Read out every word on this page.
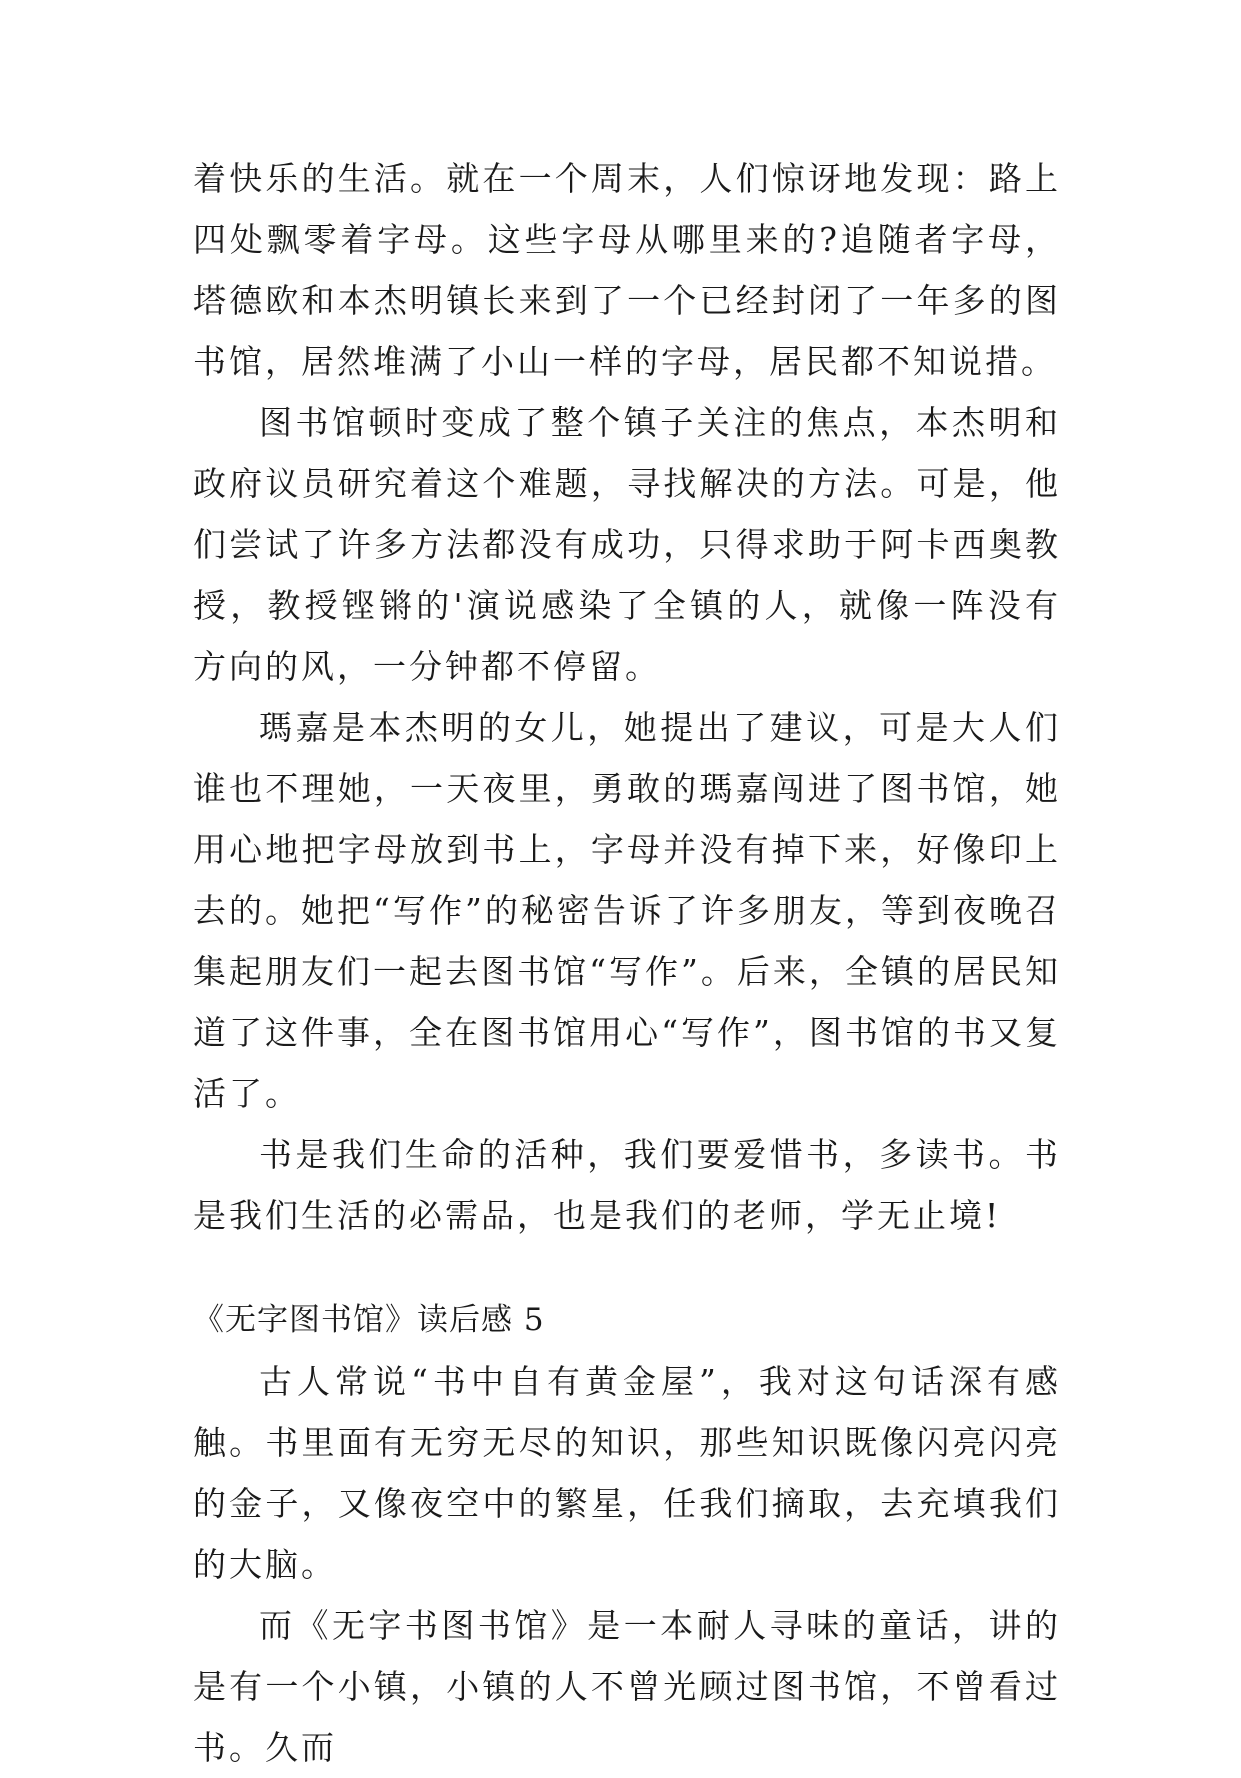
着快乐的生活。就在一个周末，人们惊讶地发现：路上四处飘零着字母。这些字母从哪里来的?追随者字母，塔德欧和本杰明镇长来到了一个已经封闭了一年多的图书馆，居然堆满了小山一样的字母，居民都不知说措。

图书馆顿时变成了整个镇子关注的焦点，本杰明和政府议员研究着这个难题，寻找解决的方法。可是，他们尝试了许多方法都没有成功，只得求助于阿卡西奥教授，教授铿锵的'演说感染了全镇的人，就像一阵没有方向的风，一分钟都不停留。

瑪嘉是本杰明的女儿，她提出了建议，可是大人们谁也不理她，一天夜里，勇敢的瑪嘉闯进了图书馆，她用心地把字母放到书上，字母并没有掉下来，好像印上去的。她把“写作”的秘密告诉了许多朋友，等到夜晚召集起朋友们一起去图书馆“写作”。后来，全镇的居民知道了这件事，全在图书馆用心“写作”，图书馆的书又复活了。

书是我们生命的活种，我们要爱惜书，多读书。书是我们生活的必需品，也是我们的老师，学无止境!

《无字图书馆》读后感 5

古人常说“书中自有黄金屋”，我对这句话深有感触。书里面有无穷无尽的知识，那些知识既像闪亮闪亮的金子，又像夜空中的繁星，任我们摘取，去充填我们的大脑。

而《无字书图书馆》是一本耐人寻味的童话，讲的是有一个小镇，小镇的人不曾光顾过图书馆，不曾看过书。久而
